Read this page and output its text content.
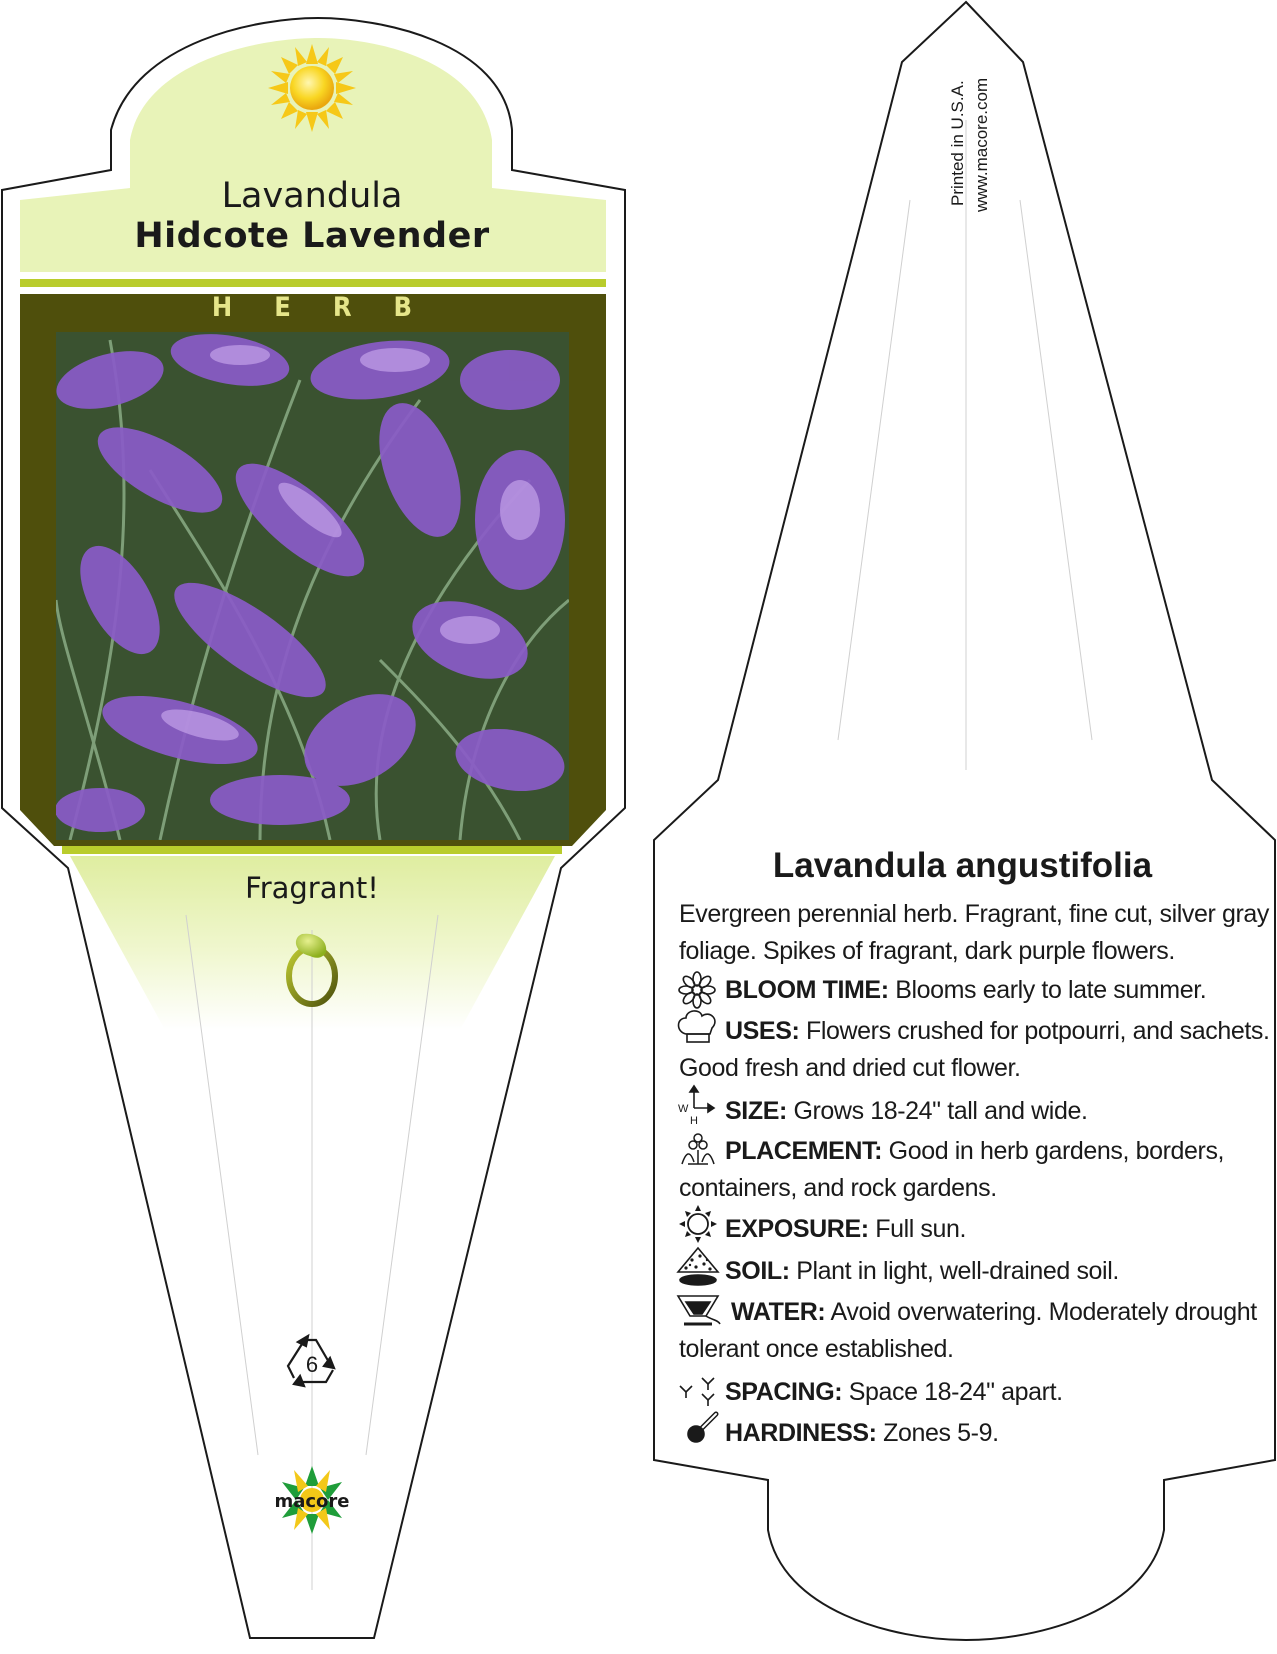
6
W
H
Lavandula
Hidcote Lavender
HERB
Fragrant!
macore
Printed in U.S.A. www.macore.com
Lavandula angustifolia
Evergreen perennial herb. Fragrant, fine cut, silver gray foliage. Spikes of fragrant, dark purple flowers.
BLOOM TIME: Blooms early to late summer.
USES: Flowers crushed for potpourri, and sachets. Good fresh and dried cut flower.
SIZE: Grows 18-24" tall and wide.
PLACEMENT: Good in herb gardens, borders, containers, and rock gardens.
EXPOSURE: Full sun.
SOIL: Plant in light, well-drained soil.
WATER: Avoid overwatering. Moderately drought tolerant once established.
SPACING: Space 18-24" apart.
HARDINESS: Zones 5-9.
